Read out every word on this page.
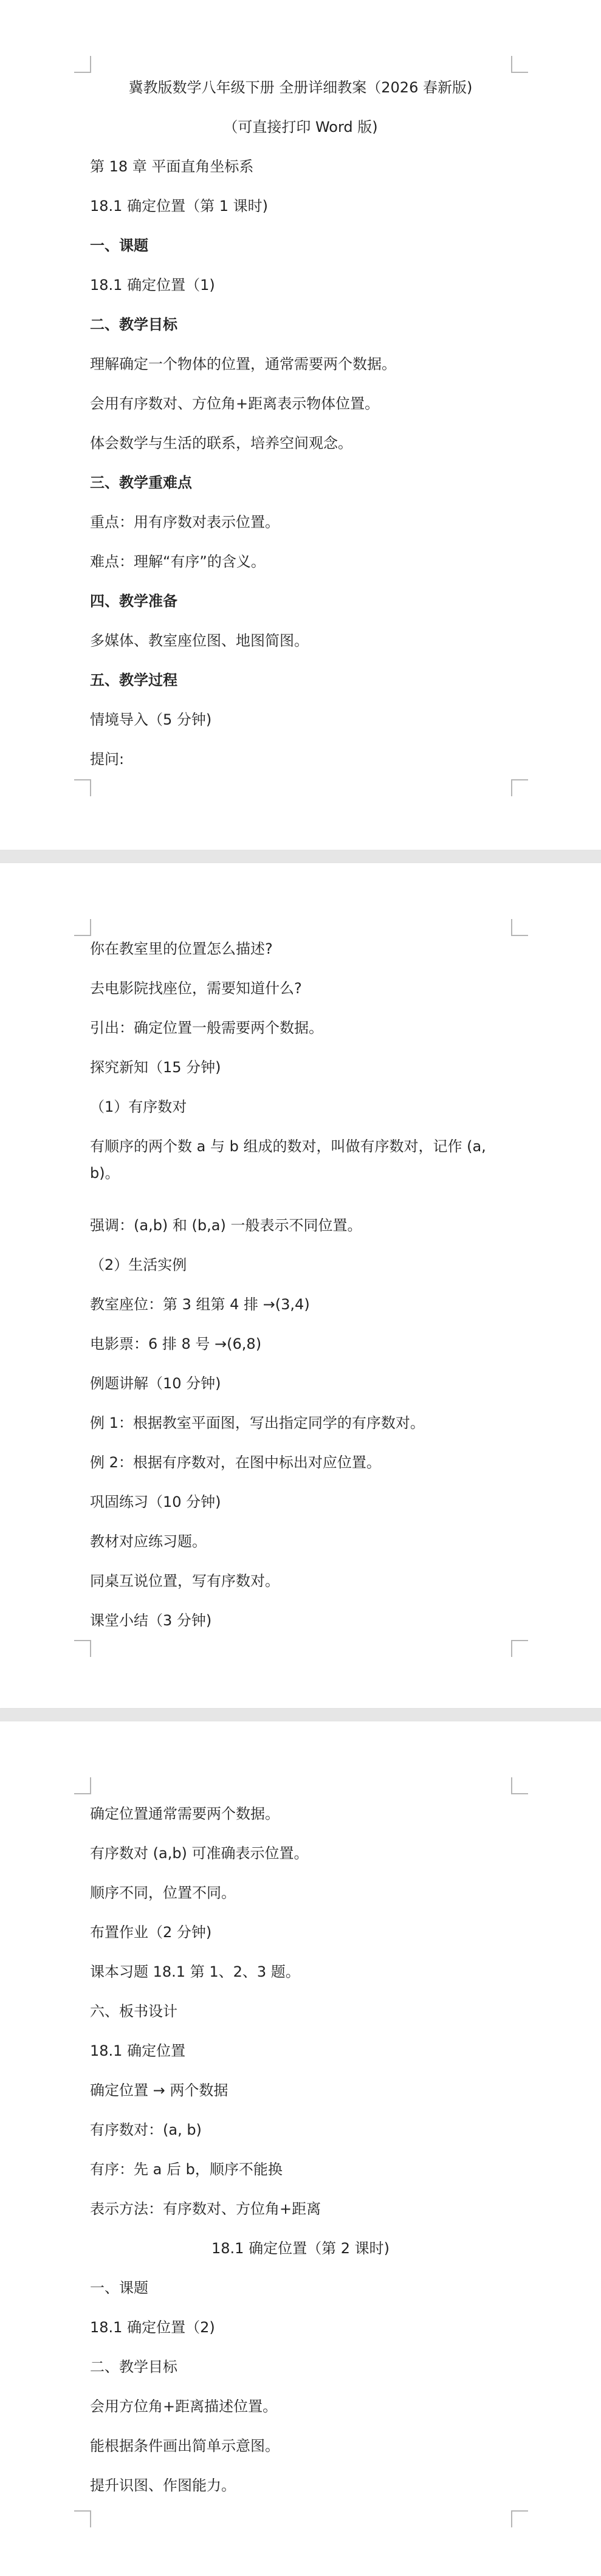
冀教版数学八年级下册 全册详细教案（2026 春新版)
（可直接打印 Word 版)
第 18 章 平面直角坐标系
18.1 确定位置（第 1 课时)
一、课题
18.1 确定位置（1)
二、教学目标
理解确定一个物体的位置，通常需要两个数据。
会用有序数对、方位角+距离表示物体位置。
体会数学与生活的联系，培养空间观念。
三、教学重难点
重点：用有序数对表示位置。
难点：理解“有序”的含义。
四、教学准备
多媒体、教室座位图、地图简图。
五、教学过程
情境导入（5 分钟)
提问:
你在教室里的位置怎么描述?
去电影院找座位，需要知道什么?
引出：确定位置一般需要两个数据。
探究新知（15 分钟)
（1）有序数对
有顺序的两个数 a 与 b 组成的数对，叫做有序数对，记作 (a, b)。
强调：(a,b) 和 (b,a) 一般表示不同位置。
（2）生活实例
教室座位：第 3 组第 4 排 →(3,4)
电影票：6 排 8 号 →(6,8)
例题讲解（10 分钟)
例 1：根据教室平面图，写出指定同学的有序数对。
例 2：根据有序数对，在图中标出对应位置。
巩固练习（10 分钟)
教材对应练习题。
同桌互说位置，写有序数对。
课堂小结（3 分钟)
确定位置通常需要两个数据。
有序数对 (a,b) 可准确表示位置。
顺序不同，位置不同。
布置作业（2 分钟)
课本习题 18.1 第 1、2、3 题。
六、板书设计
18.1 确定位置
确定位置 → 两个数据
有序数对：(a, b)
有序：先 a 后 b，顺序不能换
表示方法：有序数对、方位角+距离
18.1 确定位置（第 2 课时)
一、课题
18.1 确定位置（2)
二、教学目标
会用方位角+距离描述位置。
能根据条件画出简单示意图。
提升识图、作图能力。
